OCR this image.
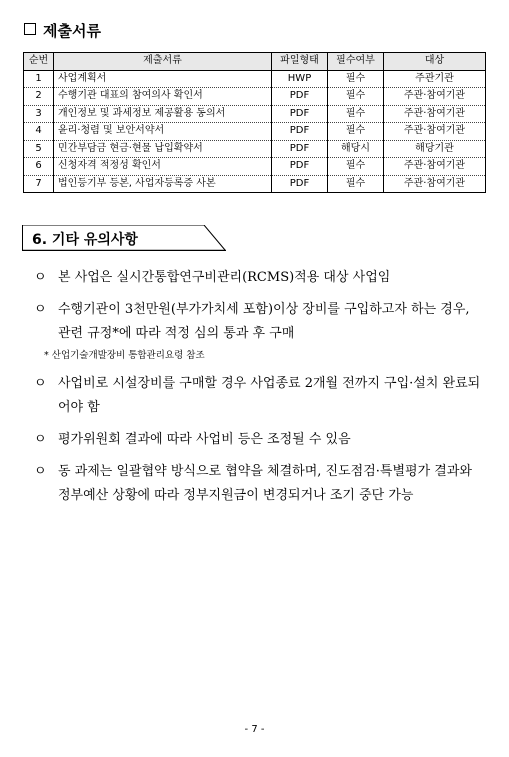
제출서류
순번	제출서류	파일형태	필수여부	대상
1	사업계획서	HWP	필수	주관기관
2	수행기관 대표의 참여의사 확인서	PDF	필수	주관·참여기관
3	개인정보 및 과세정보 제공활용 동의서	PDF	필수	주관·참여기관
4	윤리·청렴 및 보안서약서	PDF	필수	주관·참여기관
5	민간부담금 현금·현물 납입확약서	PDF	해당시	해당기관
6	신청자격 적정성 확인서	PDF	필수	주관·참여기관
7	법인등기부 등본, 사업자등록증 사본	PDF	필수	주관·참여기관
6. 기타 유의사항
ㅇ 본 사업은 실시간통합연구비관리(RCMS)적용 대상 사업임
ㅇ 수행기관이 3천만원(부가가치세 포함)이상 장비를 구입하고자 하는 경우, 관련 규정*에 따라 적정 심의 통과 후 구매
* 산업기술개발장비 통합관리요령 참조
ㅇ 사업비로 시설장비를 구매할 경우 사업종료 2개월 전까지 구입·설치 완료되어야 함
ㅇ 평가위원회 결과에 따라 사업비 등은 조정될 수 있음
ㅇ 동 과제는 일괄협약 방식으로 협약을 체결하며, 진도점검·특별평가 결과와 정부예산 상황에 따라 정부지원금이 변경되거나 조기 중단 가능
- 7 -
